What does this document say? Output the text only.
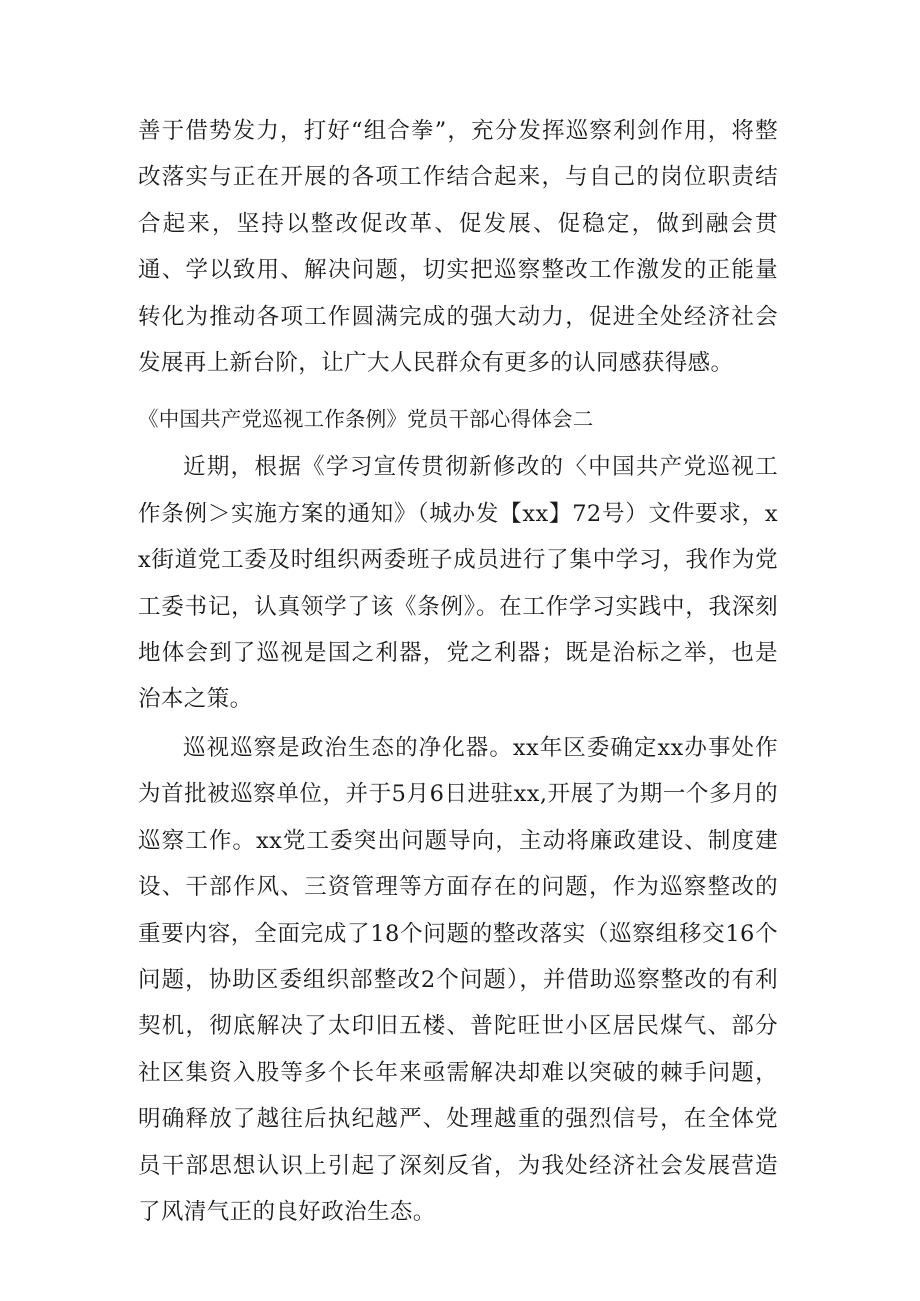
善于借势发力，打好“组合拳”，充分发挥巡察利剑作用，将整改落实与正在开展的各项工作结合起来，与自己的岗位职责结合起来，坚持以整改促改革、促发展、促稳定，做到融会贯通、学以致用、解决问题，切实把巡察整改工作激发的正能量转化为推动各项工作圆满完成的强大动力，促进全处经济社会发展再上新台阶，让广大人民群众有更多的认同感获得感。

《中国共产党巡视工作条例》党员干部心得体会二

近期，根据《学习宣传贯彻新修改的〈中国共产党巡视工作条例＞实施方案的通知》（城办发【xx】72号）文件要求，xx街道党工委及时组织两委班子成员进行了集中学习，我作为党工委书记，认真领学了该《条例》。在工作学习实践中，我深刻地体会到了巡视是国之利器，党之利器；既是治标之举，也是治本之策。

巡视巡察是政治生态的净化器。xx年区委确定xx办事处作为首批被巡察单位，并于5月6日进驻xx,开展了为期一个多月的巡察工作。xx党工委突出问题导向，主动将廉政建设、制度建设、干部作风、三资管理等方面存在的问题，作为巡察整改的重要内容，全面完成了18个问题的整改落实（巡察组移交16个问题，协助区委组织部整改2个问题），并借助巡察整改的有利契机，彻底解决了太印旧五楼、普陀旺世小区居民煤气、部分社区集资入股等多个长年来亟需解决却难以突破的棘手问题，明确释放了越往后执纪越严、处理越重的强烈信号，在全体党员干部思想认识上引起了深刻反省，为我处经济社会发展营造了风清气正的良好政治生态。
